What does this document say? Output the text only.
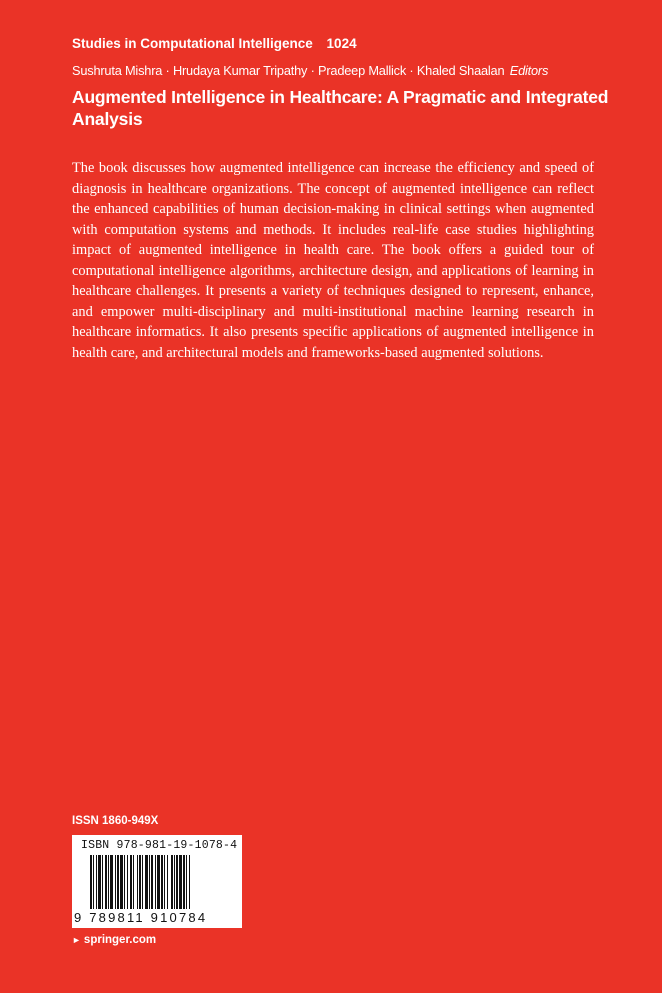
Studies in Computational Intelligence 1024
Sushruta Mishra · Hrudaya Kumar Tripathy · Pradeep Mallick · Khaled Shaalan Editors
Augmented Intelligence in Healthcare: A Pragmatic and Integrated Analysis

The book discusses how augmented intelligence can increase the efficiency and speed of diagnosis in healthcare organizations. The concept of augmented intelligence can reflect the enhanced capabilities of human decision-making in clinical settings when augmented with computation systems and methods. It includes real-life case studies highlighting impact of augmented intelligence in health care. The book offers a guided tour of computational intelligence algorithms, architecture design, and applications of learning in healthcare challenges. It presents a variety of techniques designed to represent, enhance, and empower multi-disciplinary and multi-institutional machine learning research in healthcare informatics. It also presents specific applications of augmented intelligence in health care, and architectural models and frameworks-based augmented solutions.

ISSN 1860-949X
ISBN 978-981-19-1078-4
9 789811 910784
► springer.com
